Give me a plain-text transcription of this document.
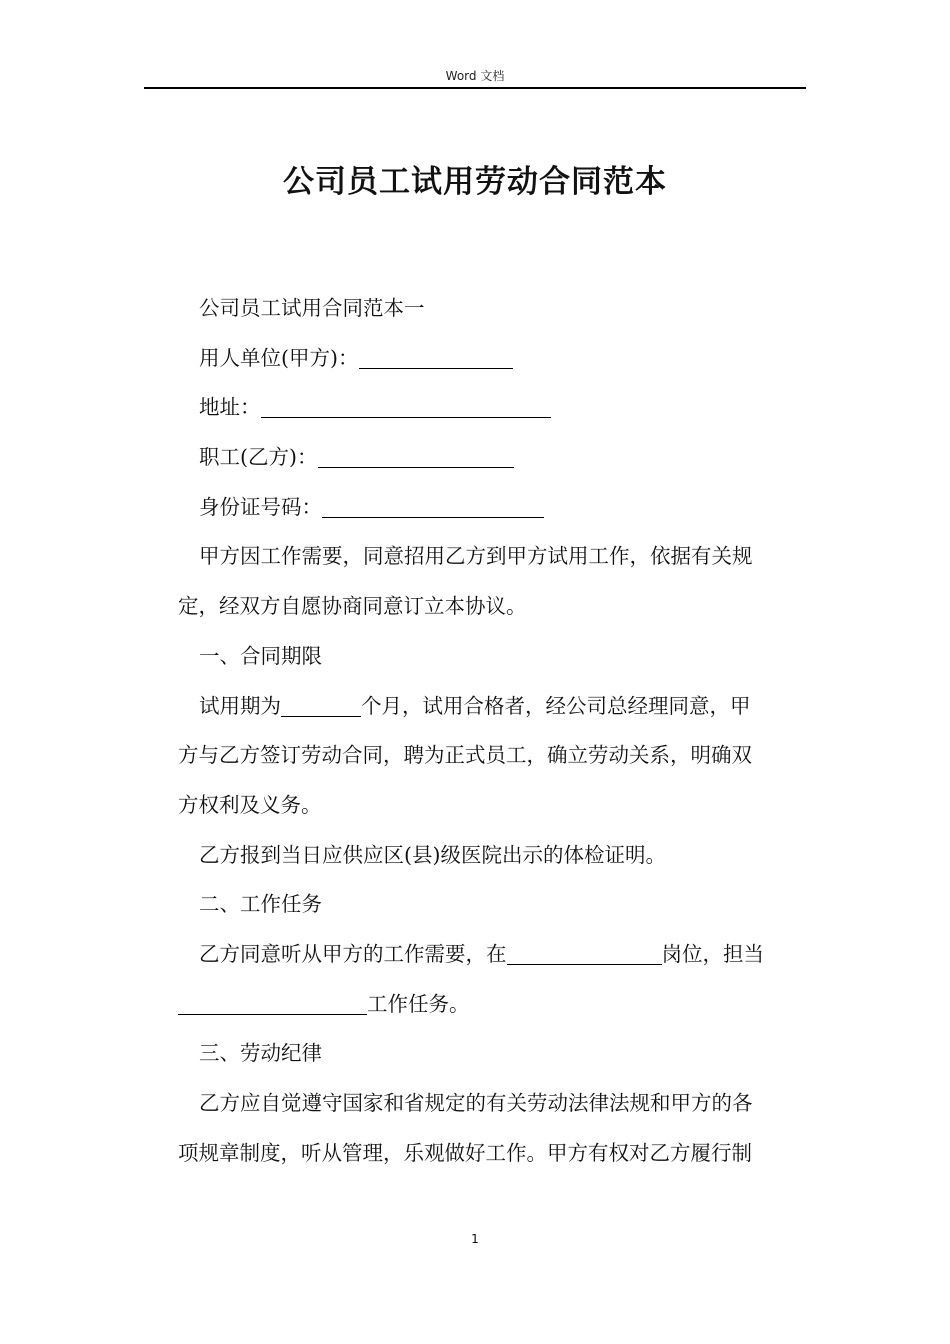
Word 文档
公司员工试用劳动合同范本
公司员工试用合同范本一
用人单位(甲方)：
地址：
职工(乙方)：
身份证号码：
甲方因工作需要，同意招用乙方到甲方试用工作，依据有关规
定，经双方自愿协商同意订立本协议。
一、合同期限
试用期为	个月，试用合格者，经公司总经理同意，甲
方与乙方签订劳动合同，聘为正式员工，确立劳动关系，明确双
方权利及义务。
乙方报到当日应供应区(县)级医院出示的体检证明。
二、工作任务
乙方同意听从甲方的工作需要，在	岗位，担当
工作任务。
三、劳动纪律
乙方应自觉遵守国家和省规定的有关劳动法律法规和甲方的各
项规章制度，听从管理，乐观做好工作。甲方有权对乙方履行制
1
